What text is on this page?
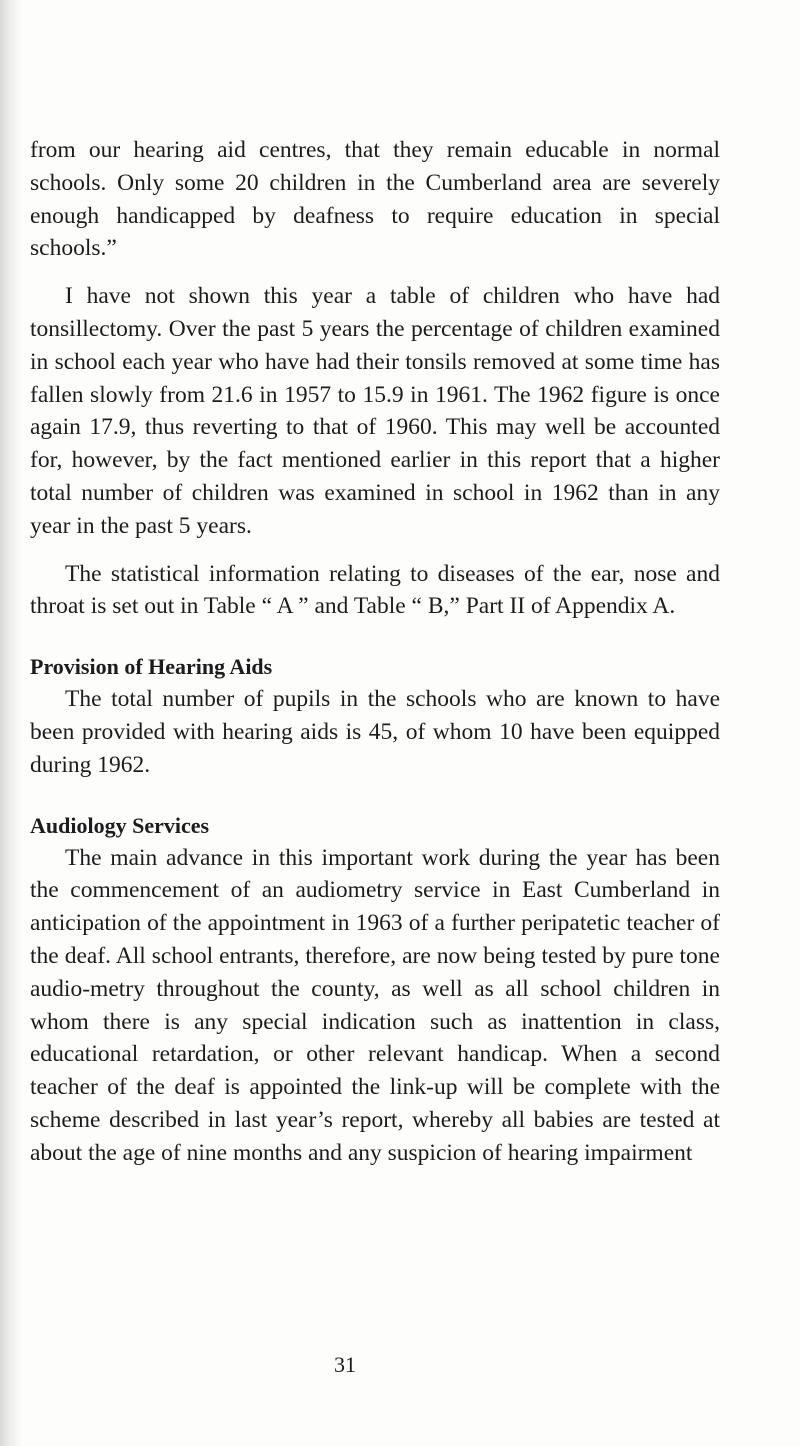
from our hearing aid centres, that they remain educable in normal schools. Only some 20 children in the Cumberland area are severely enough handicapped by deafness to require education in special schools.”

I have not shown this year a table of children who have had tonsillectomy. Over the past 5 years the percentage of children examined in school each year who have had their tonsils removed at some time has fallen slowly from 21.6 in 1957 to 15.9 in 1961. The 1962 figure is once again 17.9, thus reverting to that of 1960. This may well be accounted for, however, by the fact mentioned earlier in this report that a higher total number of children was examined in school in 1962 than in any year in the past 5 years.

The statistical information relating to diseases of the ear, nose and throat is set out in Table “ A ” and Table “ B,” Part II of Appendix A.

Provision of Hearing Aids

The total number of pupils in the schools who are known to have been provided with hearing aids is 45, of whom 10 have been equipped during 1962.

Audiology Services

The main advance in this important work during the year has been the commencement of an audiometry service in East Cumberland in anticipation of the appointment in 1963 of a further peripatetic teacher of the deaf. All school entrants, therefore, are now being tested by pure tone audio-metry throughout the county, as well as all school children in whom there is any special indication such as inattention in class, educational retardation, or other relevant handicap. When a second teacher of the deaf is appointed the link-up will be complete with the scheme described in last year’s report, whereby all babies are tested at about the age of nine months and any suspicion of hearing impairment

31
